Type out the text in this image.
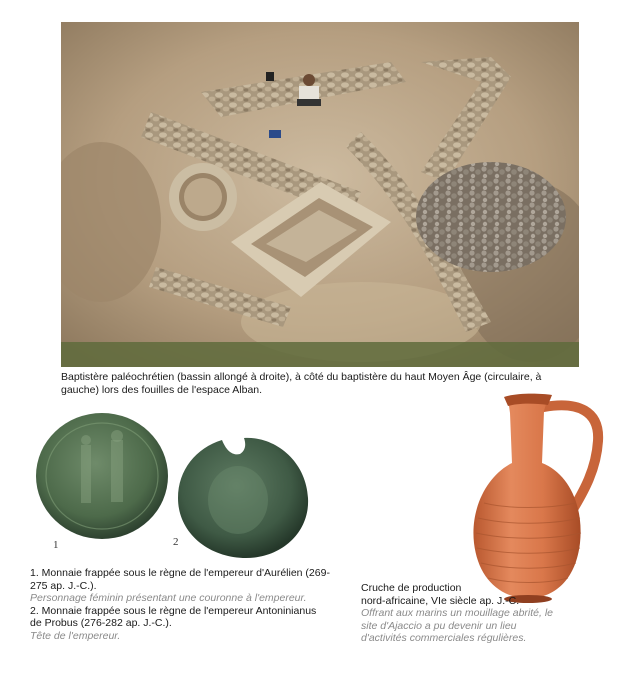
Baptistère paléochrétien (bassin allongé à droite), à côté du baptistère du haut Moyen Âge (circulaire, à gauche) lors des fouilles de l'espace Alban.
1	2

1. Monnaie frappée sous le règne de l'empereur d'Aurélien (269-275 ap. J.-C.).

Personnage féminin présentant une couronne à l'empereur.

2. Monnaie frappée sous le règne de l'empereur Antoninianus de Probus (276-282 ap. J.-C.).

Tête de l'empereur.

Cruche de production

nord-africaine, VIe siècle ap. J.-C.

Offrant aux marins un mouillage abrité, le site d'Ajaccio a pu devenir un lieu d'activités commerciales régulières.
